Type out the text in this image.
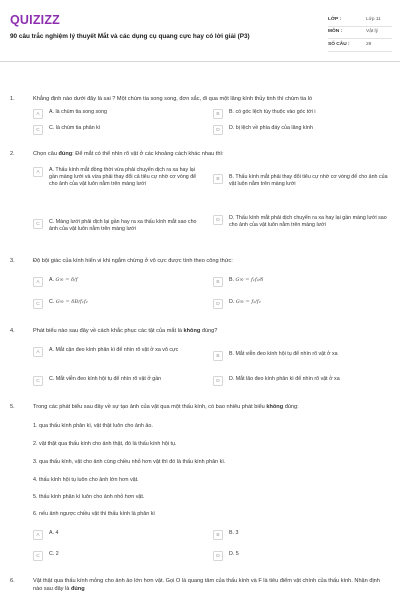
QUIZIZZ
90 câu trắc nghiệm lý thuyết Mắt và các dụng cụ quang cực hay có lời giải (P3)
LỚP :	Lớp 11
MÔN :	Vật lý
SỐ CÂU :	29
1.	Khẳng định nào dưới đây là sai ? Một chùm tia song song, đơn sắc, đi qua một lăng kính thủy tinh thì chùm tia ló
A	A. là chùm tia song song	B	B. có góc lệch tùy thuộc vào góc tới i
C	C. là chùm tia phân kì	D	D. bị lệch về phía đáy của lăng kính
2.	Chọn câu đúng: Để mắt có thể nhìn rõ vật ở các khoảng cách khác nhau thì:
A	A. Thấu kính mắt đồng thời vừa phải chuyển dịch ra xa hay lại gần màng lưới và vừa phải thay đổi cả tiêu cự nhờ cơ vòng để cho ảnh của vật luôn nằm trên màng lưới
B	B. Thấu kính mắt phải thay đổi tiêu cự nhờ cơ vòng để cho ảnh của vật luôn nằm trên màng lưới
C	C. Màng lưới phải dịch lại gần hay ra xa thấu kính mắt sao cho ảnh của vật luôn nằm trên màng lưới
D	D. Thấu kính mắt phải dịch chuyển ra xa hay lại gần màng lưới sao cho ảnh của vật luôn nằm trên màng lưới
3.	Độ bội giác của kính hiển vi khi ngắm chừng ở vô cực được tính theo công thức:
A	A. G∞ = δ/f	B	B. G∞ = f₁f₂/δ
C	C. G∞ = δĐ/f₁f₂	D	D. G∞ = f₁/f₂
4.	Phát biểu nào sau đây về cách khắc phục các tật của mắt là không đúng?
A	A. Mắt cận đeo kính phân kì để nhìn rõ vật ở xa vô cực
B	B. Mắt viễn đeo kính hội tụ để nhìn rõ vật ở xa
C	C. Mắt viễn đeo kính hội tụ để nhìn rõ vật ở gần	D	D. Mắt lão đeo kính phân kì để nhìn rõ vật ở xa
5.	Trong các phát biểu sau đây về sự tạo ảnh của vật qua một thấu kính, có bao nhiêu phát biểu không đúng:
1. qua thấu kính phân kì, vật thật luôn cho ảnh ảo.
2. vật thật qua thấu kính cho ảnh thật, đó là thấu kính hội tụ.
3. qua thấu kính, vật cho ảnh cùng chiều nhỏ hơn vật thì đó là thấu kính phân kì.
4. thấu kính hội tụ luôn cho ảnh lớn hơn vật.
5. thấu kính phân kì luôn cho ảnh nhỏ hơn vật.
6. nếu ảnh ngược chiều vật thì thấu kính là phân kì
A	A. 4	B	B. 3
C	C. 2	D	D. 5
6.	Vật thật qua thấu kính mỏng cho ảnh ảo lớn hơn vật. Gọi O là quang tâm của thấu kính và F là tiêu điểm vật chính của thấu kính. Nhận định nào sau đây là đúng
